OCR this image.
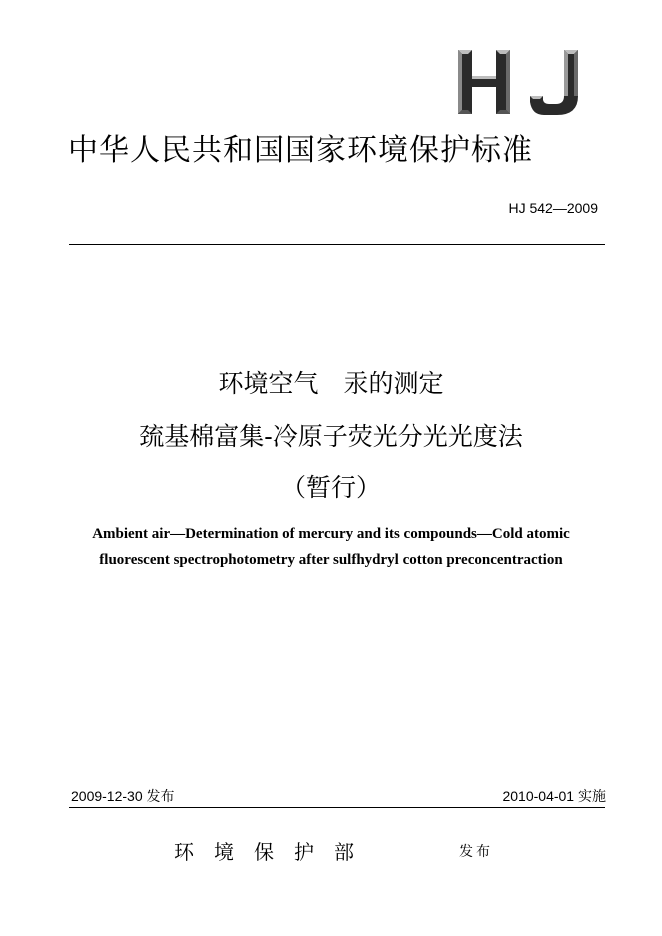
中华人民共和国国家环境保护标准
HJ 542—2009
环境空气　汞的测定
巯基棉富集-冷原子荧光分光光度法
（暂行）
Ambient air—Determination of mercury and its compounds—Cold atomic
fluorescent spectrophotometry after sulfhydryl cotton preconcentraction
2009-12-30 发布	2010-04-01 实施
环境保护部	发布
